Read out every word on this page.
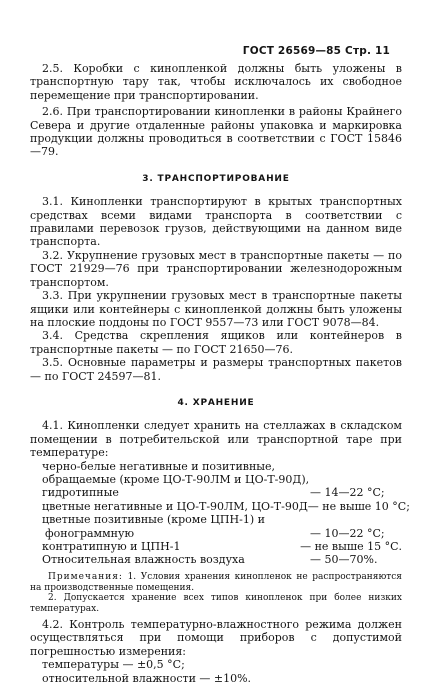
ГОСТ 26569—85 Стр. 11

2.5. Коробки с кинопленкой должны быть уложены в транспортную тару так, чтобы исключалось их свободное перемещение при транспортировании.

2.6. При транспортировании кинопленки в районы Крайнего Севера и другие отдаленные районы упаковка и маркировка продукции должны проводиться в соответствии с ГОСТ 15846—79.

3. ТРАНСПОРТИРОВАНИЕ

3.1. Кинопленки транспортируют в крытых транспортных средствах всеми видами транспорта в соответствии с правилами перевозок грузов, действующими на данном виде транспорта.

3.2. Укрупнение грузовых мест в транспортные пакеты — по ГОСТ 21929—76 при транспортировании железнодорожным транспортом.

3.3. При укрупнении грузовых мест в транспортные пакеты ящики или контейнеры с кинопленкой должны быть уложены на плоские поддоны по ГОСТ 9557—73 или ГОСТ 9078—84.

3.4. Средства скрепления ящиков или контейнеров в транспортные пакеты — по ГОСТ 21650—76.

3.5. Основные параметры и размеры транспортных пакетов — по ГОСТ 24597—81.

4. ХРАНЕНИЕ

4.1. Кинопленки следует хранить на стеллажах в складском помещении в потребительской или транспортной таре при температуре:

черно-белые негативные и позитивные,
обращаемые (кроме ЦО-Т-90ЛМ и ЦО-Т-90Д),
гидротипные	— 14—22 °С;
цветные негативные и ЦО-Т-90ЛМ, ЦО-Т-90Д — не выше 10 °С;
цветные позитивные (кроме ЦПН-1) и
фонограммную	— 10—22 °С;
контратипную и ЦПН-1	— не выше 15 °С.
Относительная влажность воздуха	— 50—70%.

Примечания: 1. Условия хранения кинопленок не распространяются на производственные помещения.

2. Допускается хранение всех типов кинопленок при более низких температурах.

4.2. Контроль температурно-влажностного режима должен осуществляться при помощи приборов с допустимой погрешностью измерения:

температуры — ±0,5 °С;
относительной влажности — ±10%.
